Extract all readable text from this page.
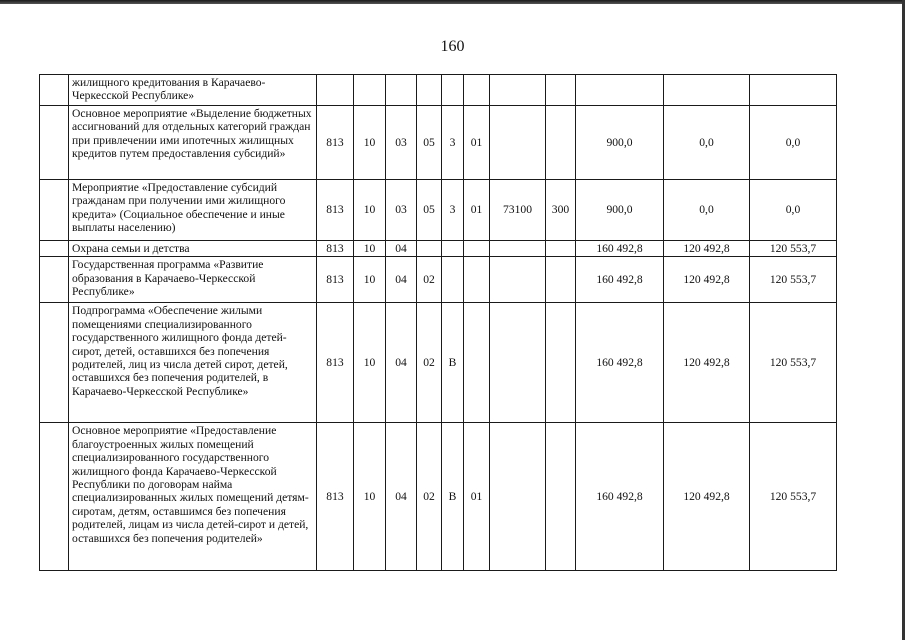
160
	жилищного кредитования в Карачаево-Черкесской Республике»											
	Основное мероприятие «Выделение бюджетных ассигнований для отдельных категорий граждан при привлечении ими ипотечных жилищных кредитов путем предоставления субсидий»	813	10	03	05	3	01			900,0	0,0	0,0
	Мероприятие «Предоставление субсидий гражданам при получении ими жилищного кредита» (Социальное обеспечение и иные выплаты населению)	813	10	03	05	3	01	73100	300	900,0	0,0	0,0
	Охрана семьи и детства	813	10	04						160 492,8	120 492,8	120 553,7
	Государственная программа «Развитие образования в Карачаево-Черкесской Республике»	813	10	04	02					160 492,8	120 492,8	120 553,7
	Подпрограмма «Обеспечение жилыми помещениями специализированного государственного жилищного фонда детей-сирот, детей, оставшихся без попечения родителей, лиц из числа детей сирот, детей, оставшихся без попечения родителей, в Карачаево-Черкесской Республике»	813	10	04	02	В				160 492,8	120 492,8	120 553,7
	Основное мероприятие «Предоставление благоустроенных жилых помещений специализированного государственного жилищного фонда Карачаево-Черкесской Республики по договорам найма специализированных жилых помещений детям-сиротам, детям, оставшимся без попечения родителей, лицам из числа детей-сирот и детей, оставшихся без попечения родителей»	813	10	04	02	В	01			160 492,8	120 492,8	120 553,7
